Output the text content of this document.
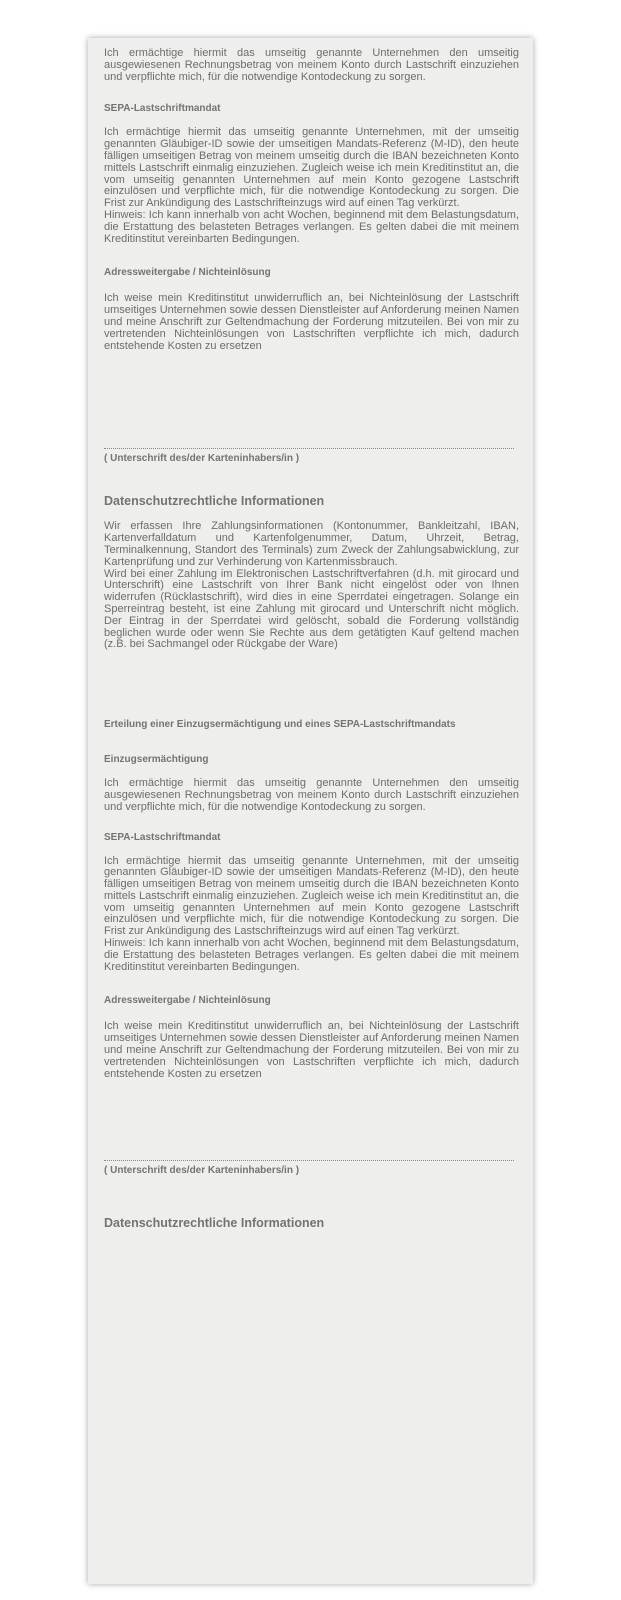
Ich ermächtige hiermit das umseitig genannte Unternehmen den umseitig ausgewiesenen Rechnungsbetrag von meinem Konto durch Lastschrift einzuziehen und verpflichte mich, für die notwendige Kontodeckung zu sorgen.

SEPA-Lastschriftmandat

Ich ermächtige hiermit das umseitig genannte Unternehmen, mit der umseitig genannten Gläubiger-ID sowie der umseitigen Mandats-Referenz (M-ID), den heute fälligen umseitigen Betrag von meinem umseitig durch die IBAN bezeichneten Konto mittels Lastschrift einmalig einzuziehen. Zugleich weise ich mein Kreditinstitut an, die vom umseitig genannten Unternehmen auf mein Konto gezogene Lastschrift einzulösen und verpflichte mich, für die notwendige Kontodeckung zu sorgen. Die Frist zur Ankündigung des Lastschrifteinzugs wird auf einen Tag verkürzt.

Hinweis: Ich kann innerhalb von acht Wochen, beginnend mit dem Belastungsdatum, die Erstattung des belasteten Betrages verlangen. Es gelten dabei die mit meinem Kreditinstitut vereinbarten Bedingungen.

Adressweitergabe / Nichteinlösung

Ich weise mein Kreditinstitut unwiderruflich an, bei Nichteinlösung der Lastschrift umseitiges Unternehmen sowie dessen Dienstleister auf Anforderung meinen Namen und meine Anschrift zur Geltendmachung der Forderung mitzuteilen. Bei von mir zu vertretenden Nichteinlösungen von Lastschriften verpflichte ich mich, dadurch entstehende Kosten zu ersetzen

( Unterschrift des/der Karteninhabers/in )
Datenschutzrechtliche Informationen

Wir erfassen Ihre Zahlungsinformationen (Kontonummer, Bankleitzahl, IBAN, Kartenverfalldatum und Kartenfolgenummer, Datum, Uhrzeit, Betrag, Terminalkennung, Standort des Terminals) zum Zweck der Zahlungsabwicklung, zur Kartenprüfung und zur Verhinderung von Kartenmissbrauch.

Wird bei einer Zahlung im Elektronischen Lastschriftverfahren (d.h. mit girocard und Unterschrift) eine Lastschrift von Ihrer Bank nicht eingelöst oder von Ihnen widerrufen (Rücklastschrift), wird dies in eine Sperrdatei eingetragen. Solange ein Sperreintrag besteht, ist eine Zahlung mit girocard und Unterschrift nicht möglich. Der Eintrag in der Sperrdatei wird gelöscht, sobald die Forderung vollständig beglichen wurde oder wenn Sie Rechte aus dem getätigten Kauf geltend machen (z.B. bei Sachmangel oder Rückgabe der Ware)

Erteilung einer Einzugsermächtigung und eines SEPA-Lastschriftmandats
Einzugsermächtigung

Ich ermächtige hiermit das umseitig genannte Unternehmen den umseitig ausgewiesenen Rechnungsbetrag von meinem Konto durch Lastschrift einzuziehen und verpflichte mich, für die notwendige Kontodeckung zu sorgen.

SEPA-Lastschriftmandat

Ich ermächtige hiermit das umseitig genannte Unternehmen, mit der umseitig genannten Gläubiger-ID sowie der umseitigen Mandats-Referenz (M-ID), den heute fälligen umseitigen Betrag von meinem umseitig durch die IBAN bezeichneten Konto mittels Lastschrift einmalig einzuziehen. Zugleich weise ich mein Kreditinstitut an, die vom umseitig genannten Unternehmen auf mein Konto gezogene Lastschrift einzulösen und verpflichte mich, für die notwendige Kontodeckung zu sorgen. Die Frist zur Ankündigung des Lastschrifteinzugs wird auf einen Tag verkürzt.

Hinweis: Ich kann innerhalb von acht Wochen, beginnend mit dem Belastungsdatum, die Erstattung des belasteten Betrages verlangen. Es gelten dabei die mit meinem Kreditinstitut vereinbarten Bedingungen.

Adressweitergabe / Nichteinlösung

Ich weise mein Kreditinstitut unwiderruflich an, bei Nichteinlösung der Lastschrift umseitiges Unternehmen sowie dessen Dienstleister auf Anforderung meinen Namen und meine Anschrift zur Geltendmachung der Forderung mitzuteilen. Bei von mir zu vertretenden Nichteinlösungen von Lastschriften verpflichte ich mich, dadurch entstehende Kosten zu ersetzen

( Unterschrift des/der Karteninhabers/in )
Datenschutzrechtliche Informationen
